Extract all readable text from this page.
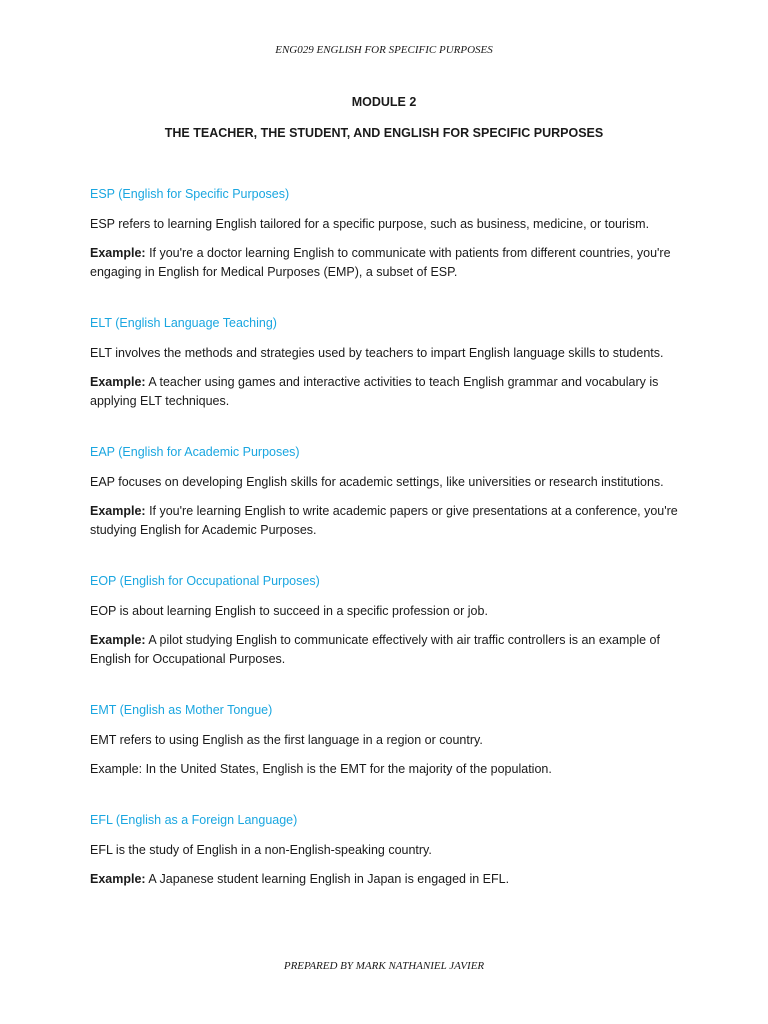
ENG029 ENGLISH FOR SPECIFIC PURPOSES
MODULE 2
THE TEACHER, THE STUDENT, AND ENGLISH FOR SPECIFIC PURPOSES
ESP (English for Specific Purposes)

ESP refers to learning English tailored for a specific purpose, such as business, medicine, or tourism.

Example: If you're a doctor learning English to communicate with patients from different countries, you're engaging in English for Medical Purposes (EMP), a subset of ESP.

ELT (English Language Teaching)

ELT involves the methods and strategies used by teachers to impart English language skills to students.

Example: A teacher using games and interactive activities to teach English grammar and vocabulary is applying ELT techniques.

EAP (English for Academic Purposes)

EAP focuses on developing English skills for academic settings, like universities or research institutions.

Example: If you're learning English to write academic papers or give presentations at a conference, you're studying English for Academic Purposes.

EOP (English for Occupational Purposes)

EOP is about learning English to succeed in a specific profession or job.

Example: A pilot studying English to communicate effectively with air traffic controllers is an example of English for Occupational Purposes.

EMT (English as Mother Tongue)

EMT refers to using English as the first language in a region or country.

Example: In the United States, English is the EMT for the majority of the population.

EFL (English as a Foreign Language)

EFL is the study of English in a non-English-speaking country.

Example: A Japanese student learning English in Japan is engaged in EFL.

PREPARED BY MARK NATHANIEL JAVIER
